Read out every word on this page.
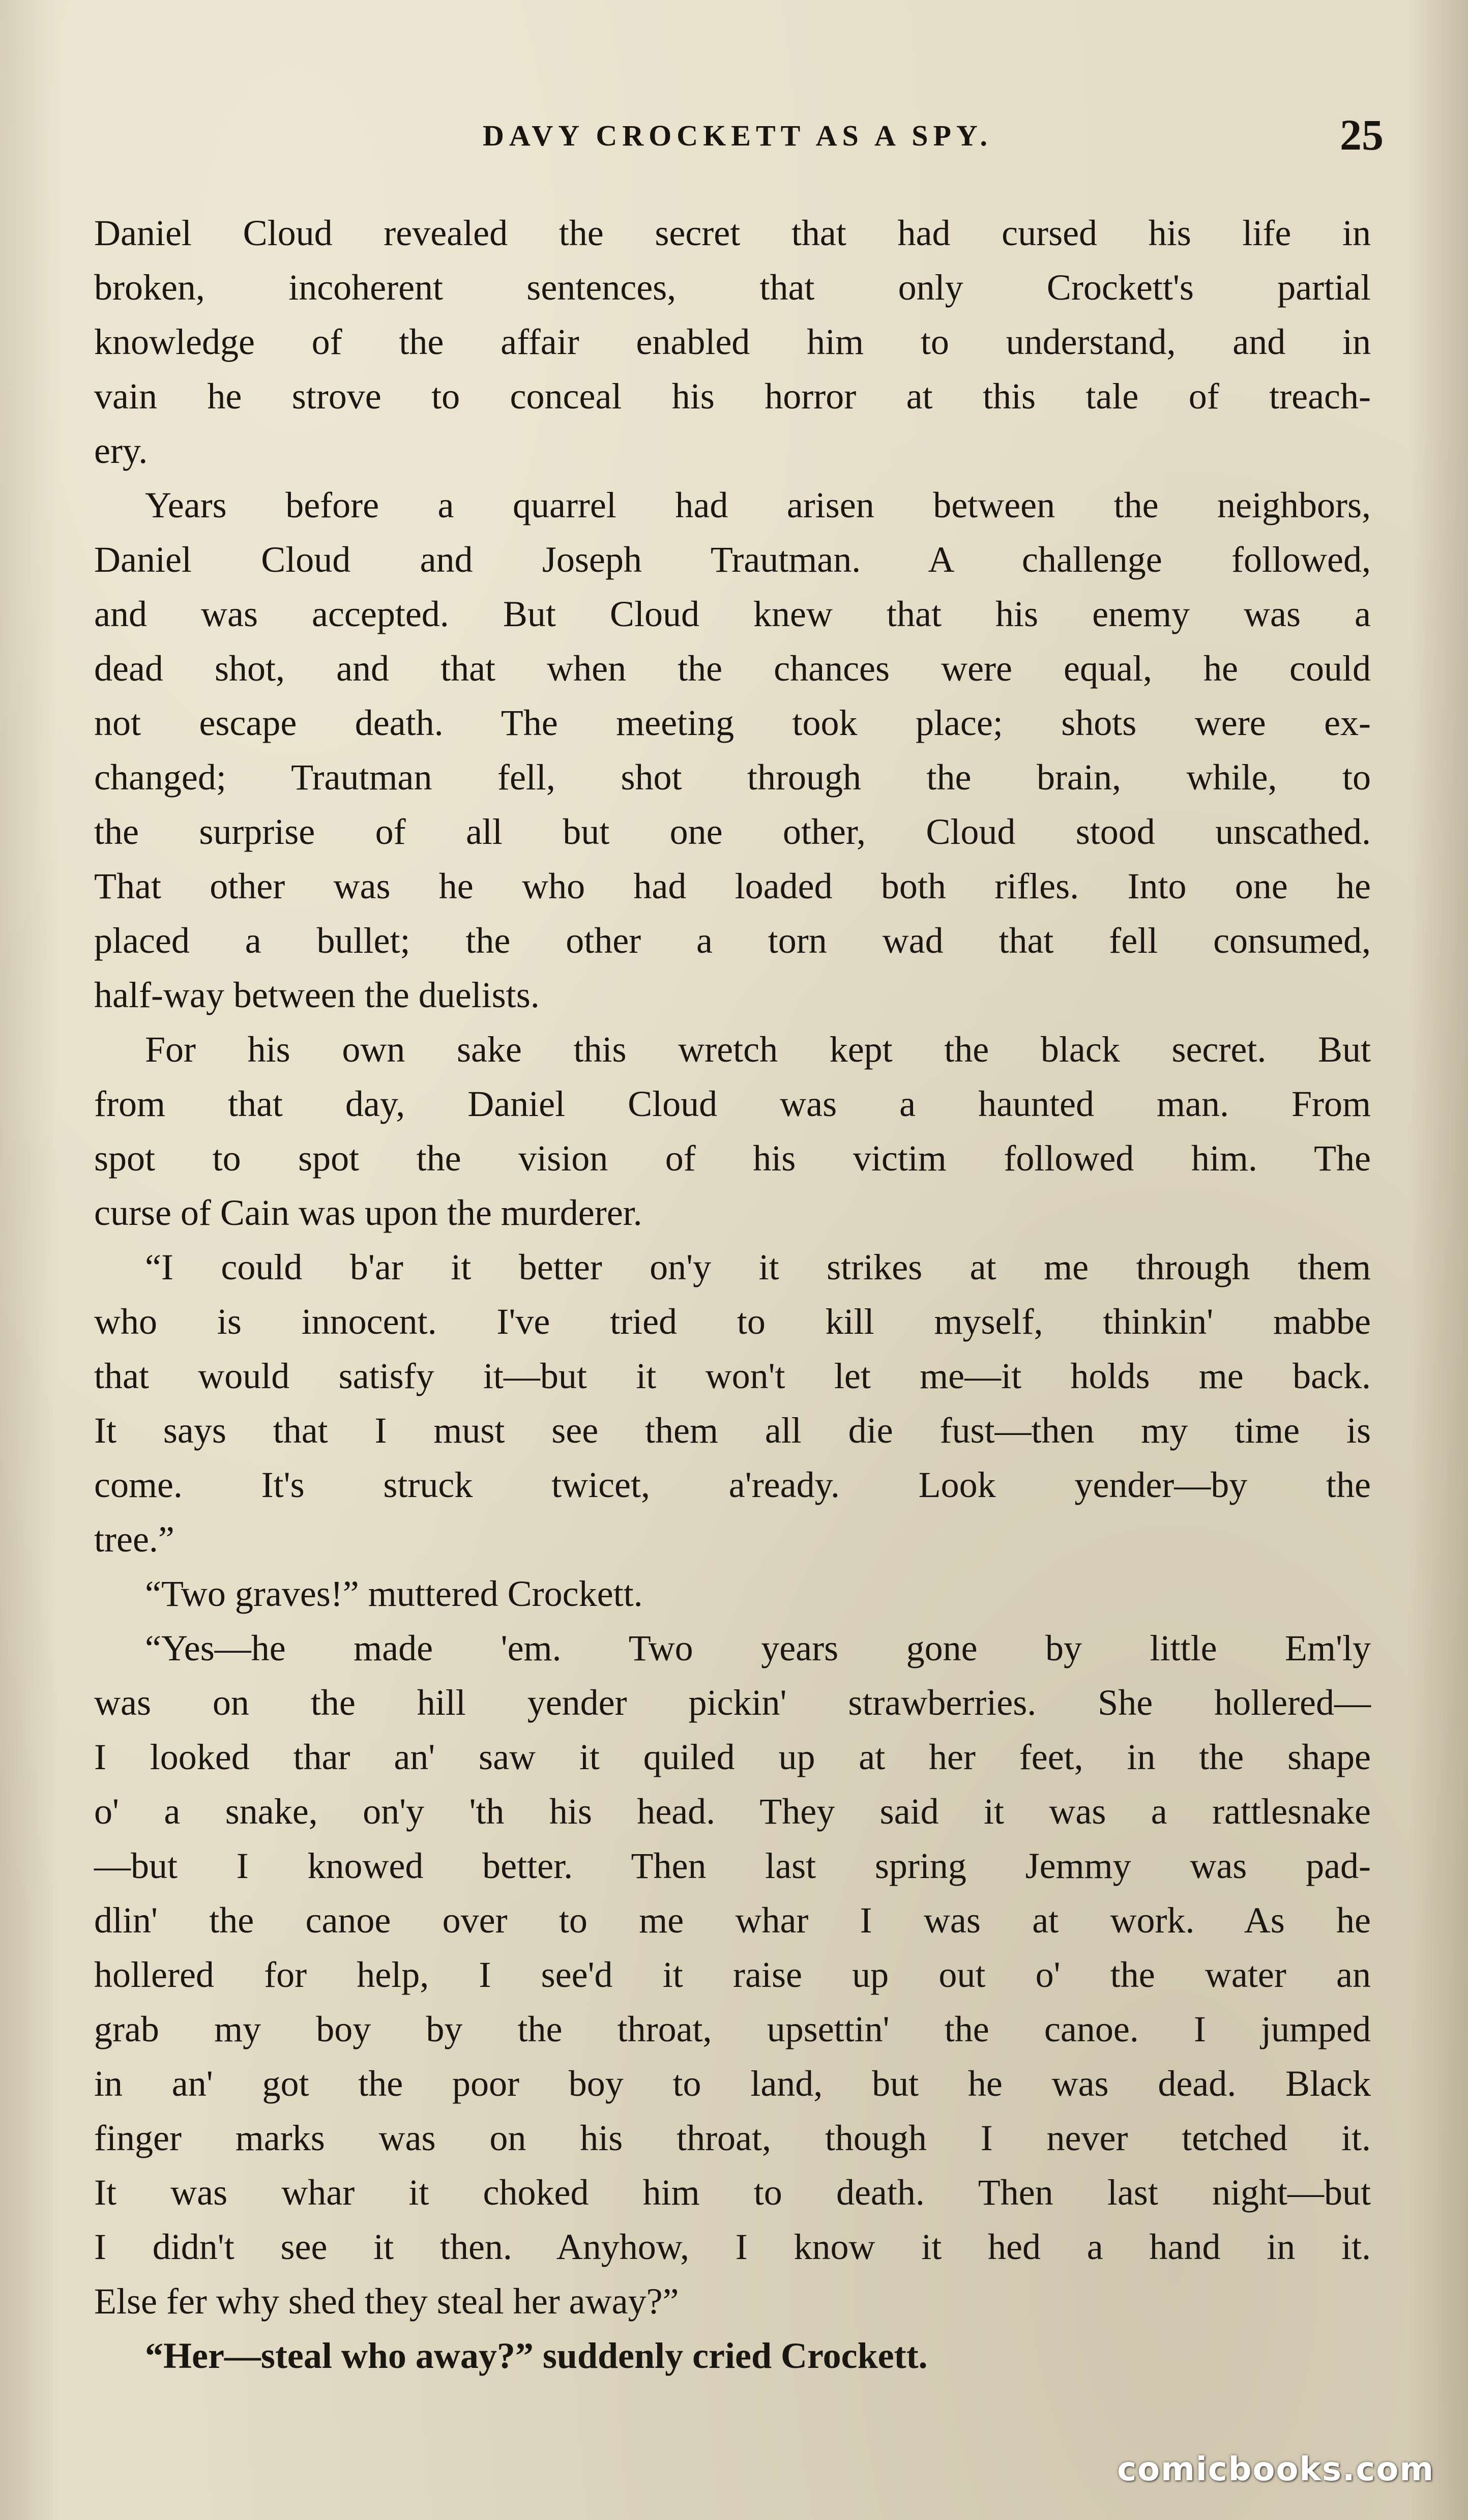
DAVY CROCKETT AS A SPY.	25
Daniel Cloud revealed the secret that had cursed his life in
broken, incoherent sentences, that only Crockett's partial
knowledge of the affair enabled him to understand, and in
vain he strove to conceal his horror at this tale of treach-
ery.
Years before a quarrel had arisen between the neighbors,
Daniel Cloud and Joseph Trautman. A challenge followed,
and was accepted. But Cloud knew that his enemy was a
dead shot, and that when the chances were equal, he could
not escape death. The meeting took place; shots were ex-
changed; Trautman fell, shot through the brain, while, to
the surprise of all but one other, Cloud stood unscathed.
That other was he who had loaded both rifles. Into one he
placed a bullet; the other a torn wad that fell consumed,
half-way between the duelists.
For his own sake this wretch kept the black secret. But
from that day, Daniel Cloud was a haunted man. From
spot to spot the vision of his victim followed him. The
curse of Cain was upon the murderer.
“I could b'ar it better on'y it strikes at me through them
who is innocent. I've tried to kill myself, thinkin' mabbe
that would satisfy it—but it won't let me—it holds me back.
It says that I must see them all die fust—then my time is
come. It's struck twicet, a'ready. Look yender—by the
tree.”
“Two graves!” muttered Crockett.
“Yes—he made 'em. Two years gone by little Em'ly
was on the hill yender pickin' strawberries. She hollered—
I looked thar an' saw it quiled up at her feet, in the shape
o' a snake, on'y 'th his head. They said it was a rattlesnake
—but I knowed better. Then last spring Jemmy was pad-
dlin' the canoe over to me whar I was at work. As he
hollered for help, I see'd it raise up out o' the water an
grab my boy by the throat, upsettin' the canoe. I jumped
in an' got the poor boy to land, but he was dead. Black
finger marks was on his throat, though I never tetched it.
It was whar it choked him to death. Then last night—but
I didn't see it then. Anyhow, I know it hed a hand in it.
Else fer why shed they steal her away?”
“Her—steal who away?” suddenly cried Crockett.
comicbooks.com
